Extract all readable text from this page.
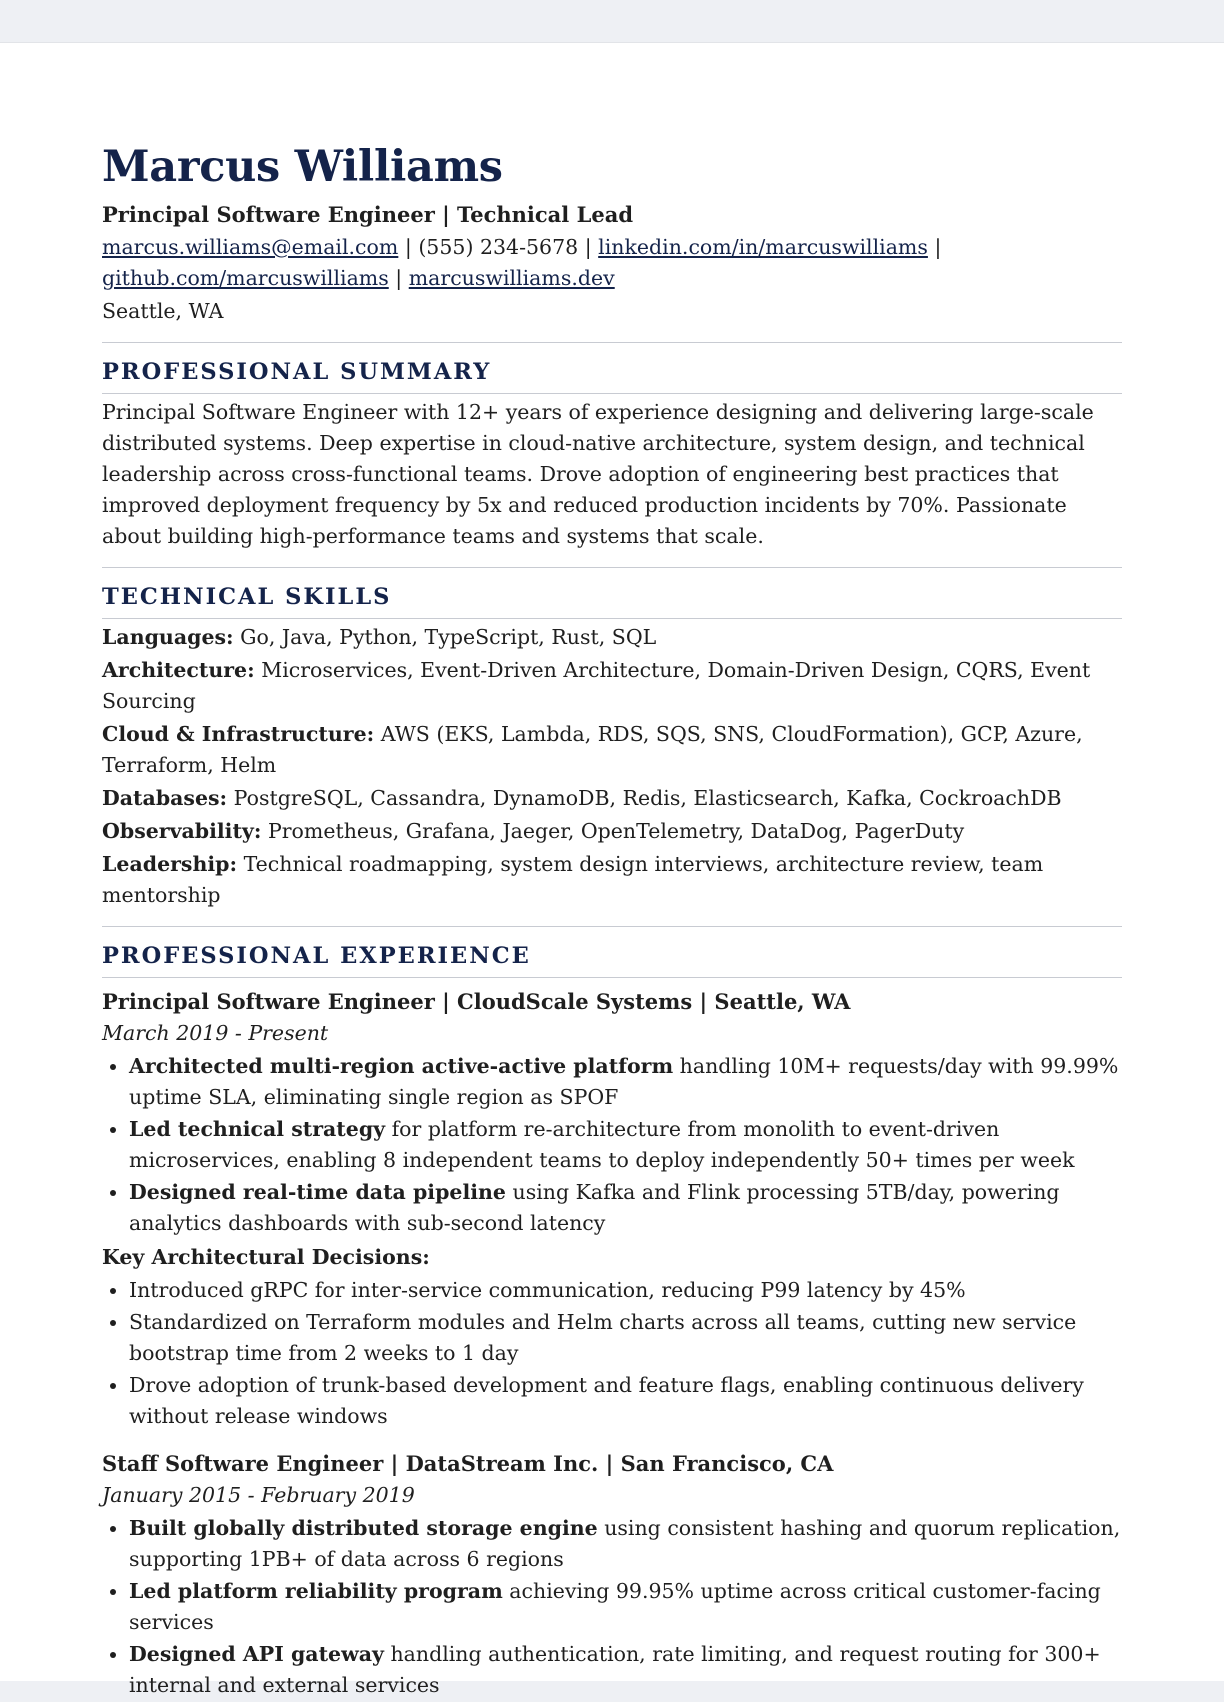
Marcus Williams
Principal Software Engineer | Technical Lead
marcus.williams@email.com | (555) 234-5678 | linkedin.com/in/marcuswilliams |
github.com/marcuswilliams | marcuswilliams.dev
Seattle, WA
PROFESSIONAL SUMMARY

Principal Software Engineer with 12+ years of experience designing and delivering large-scale distributed systems. Deep expertise in cloud-native architecture, system design, and technical leadership across cross-functional teams. Drove adoption of engineering best practices that improved deployment frequency by 5x and reduced production incidents by 70%. Passionate about building high-performance teams and systems that scale.

TECHNICAL SKILLS
Languages: Go, Java, Python, TypeScript, Rust, SQL
Architecture: Microservices, Event-Driven Architecture, Domain-Driven Design, CQRS, Event Sourcing
Cloud & Infrastructure: AWS (EKS, Lambda, RDS, SQS, SNS, CloudFormation), GCP, Azure, Terraform, Helm
Databases: PostgreSQL, Cassandra, DynamoDB, Redis, Elasticsearch, Kafka, CockroachDB
Observability: Prometheus, Grafana, Jaeger, OpenTelemetry, DataDog, PagerDuty
Leadership: Technical roadmapping, system design interviews, architecture review, team mentorship
PROFESSIONAL EXPERIENCE
Principal Software Engineer | CloudScale Systems | Seattle, WA
March 2019 - Present
• Architected multi-region active-active platform handling 10M+ requests/day with 99.99% uptime SLA, eliminating single region as SPOF
• Led technical strategy for platform re-architecture from monolith to event-driven microservices, enabling 8 independent teams to deploy independently 50+ times per week
• Designed real-time data pipeline using Kafka and Flink processing 5TB/day, powering analytics dashboards with sub-second latency
Key Architectural Decisions:
• Introduced gRPC for inter-service communication, reducing P99 latency by 45%
• Standardized on Terraform modules and Helm charts across all teams, cutting new service bootstrap time from 2 weeks to 1 day
• Drove adoption of trunk-based development and feature flags, enabling continuous delivery without release windows
Staff Software Engineer | DataStream Inc. | San Francisco, CA
January 2015 - February 2019
• Built globally distributed storage engine using consistent hashing and quorum replication, supporting 1PB+ of data across 6 regions
• Led platform reliability program achieving 99.95% uptime across critical customer-facing services
• Designed API gateway handling authentication, rate limiting, and request routing for 300+ internal and external services
